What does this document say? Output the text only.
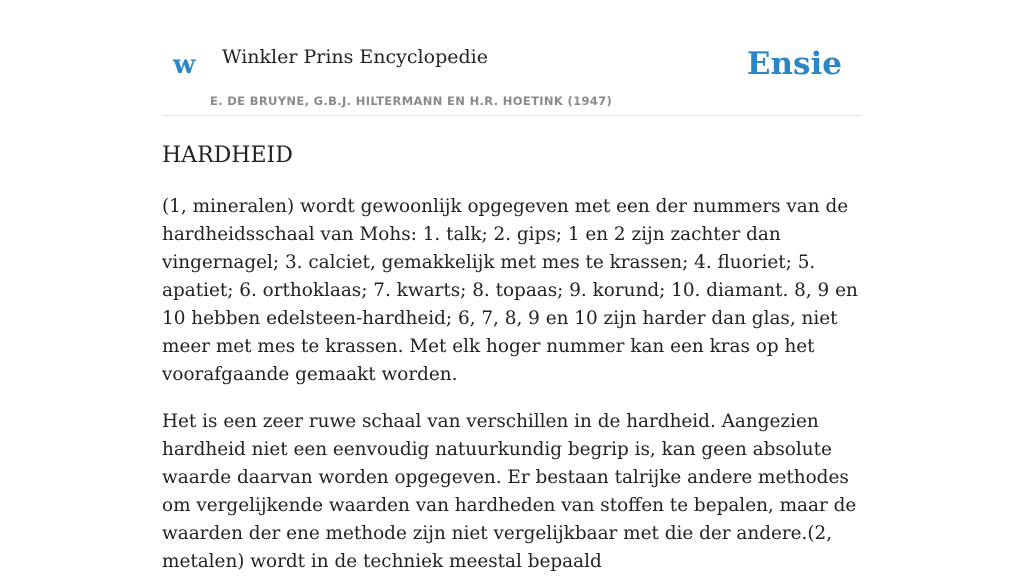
w Winkler Prins Encyclopedie
E. DE BRUYNE, G.B.J. HILTERMANN EN H.R. HOETINK (1947)
Ensie
HARDHEID

(1, mineralen) wordt gewoonlijk opgegeven met een der nummers van de hardheidsschaal van Mohs: 1. talk; 2. gips; 1 en 2 zijn zachter dan vingernagel; 3. calciet, gemakkelijk met mes te krassen; 4. fluoriet; 5. apatiet; 6. orthoklaas; 7. kwarts; 8. topaas; 9. korund; 10. diamant. 8, 9 en 10 hebben edelsteen-hardheid; 6, 7, 8, 9 en 10 zijn harder dan glas, niet meer met mes te krassen. Met elk hoger nummer kan een kras op het voorafgaande gemaakt worden.

Het is een zeer ruwe schaal van verschillen in de hardheid. Aangezien hardheid niet een eenvoudig natuurkundig begrip is, kan geen absolute waarde daarvan worden opgegeven. Er bestaan talrijke andere methodes om vergelijkende waarden van hardheden van stoffen te bepalen, maar de waarden der ene methode zijn niet vergelijkbaar met die der andere.(2, metalen) wordt in de techniek meestal bepaald
